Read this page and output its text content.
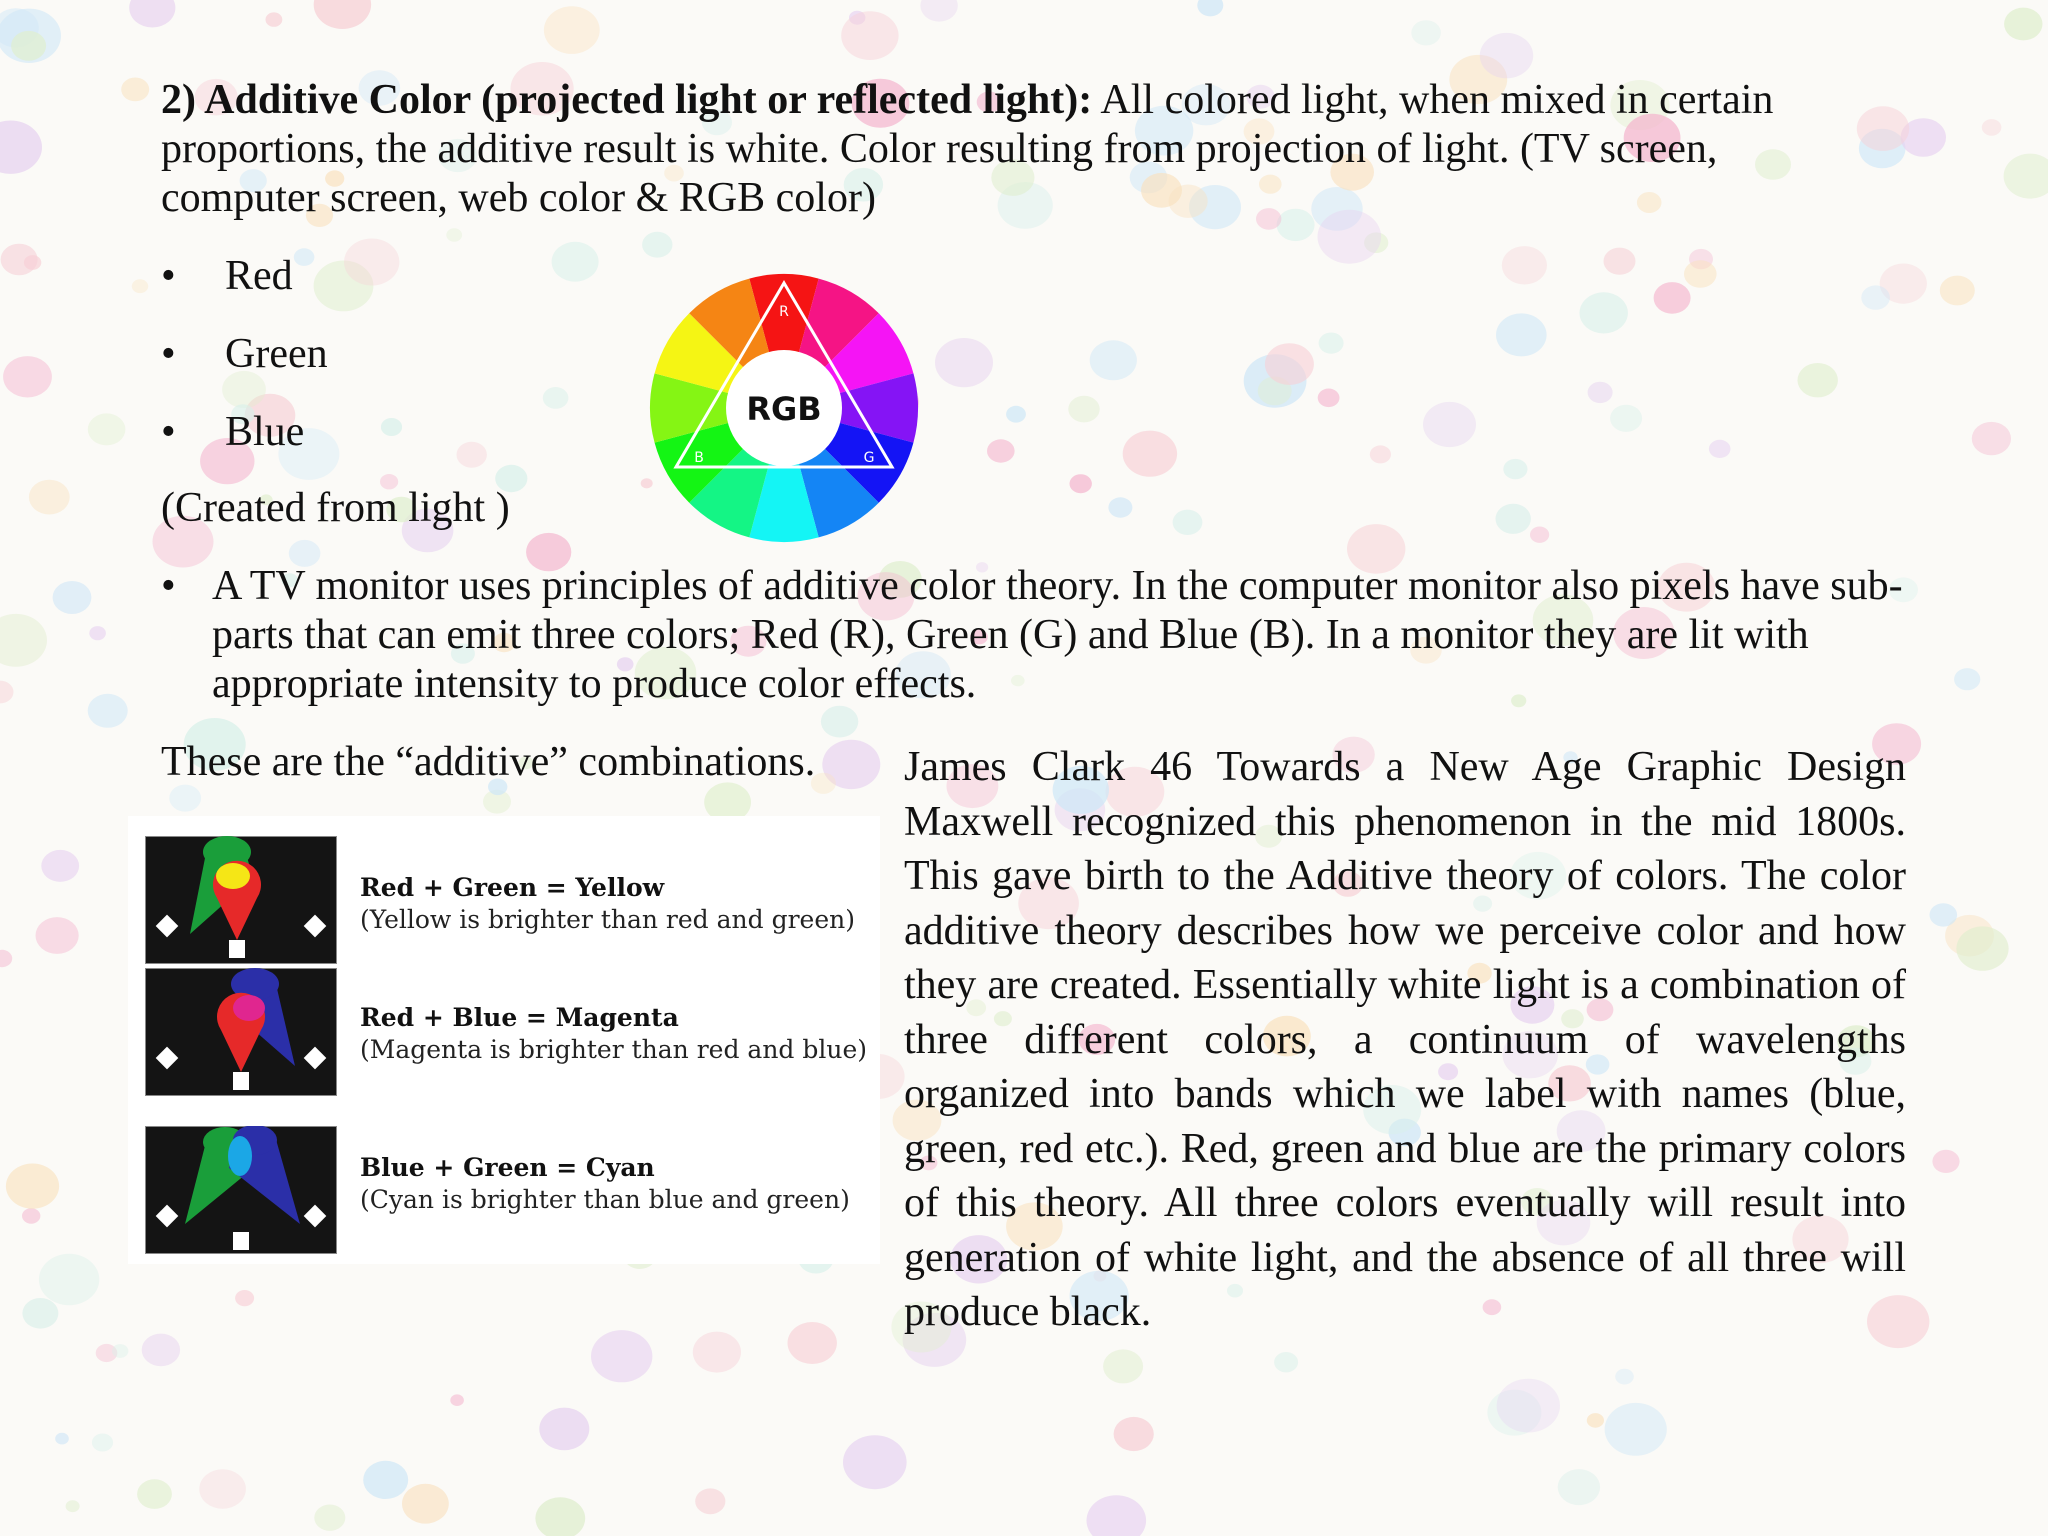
2) Additive Color (projected light or reflected light): All colored light, when mixed in certain proportions, the additive result is white. Color resulting from projection of light. (TV screen, computer screen, web color & RGB color)
• Red
• Green
• Blue
(Created from light )
RGB
R
B	G
• A TV monitor uses principles of additive color theory. In the computer monitor also pixels have sub-parts that can emit three colors; Red (R), Green (G) and Blue (B). In a monitor they are lit with appropriate intensity to produce color effects.
These are the “additive” combinations.
Red + Green = Yellow
(Yellow is brighter than red and green)
Red + Blue = Magenta
(Magenta is brighter than red and blue)
Blue + Green = Cyan
(Cyan is brighter than blue and green)
James Clark 46 Towards a New Age Graphic Design Maxwell recognized this phenomenon in the mid 1800s. This gave birth to the Additive theory of colors. The color additive theory describes how we perceive color and how they are created. Essentially white light is a combination of three different colors, a continuum of wavelengths organized into bands which we label with names (blue, green, red etc.). Red, green and blue are the primary colors of this theory. All three colors eventually will result into generation of white light, and the absence of all three will produce black.
